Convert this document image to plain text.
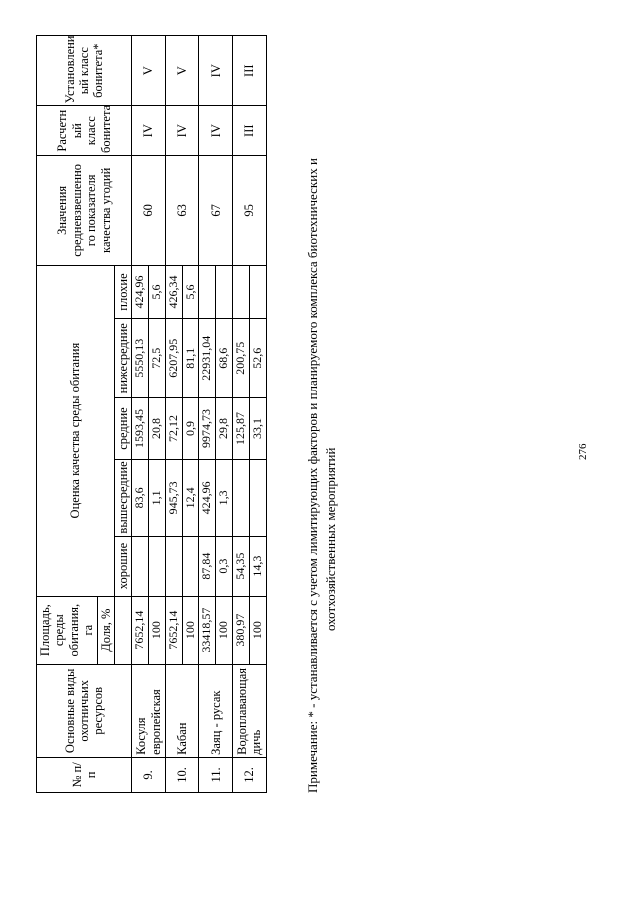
№ п/п	Основные виды охотничьих ресурсов	Площадь, среды обитания, га	Оценка качества среды обитания					Значения средневзвешенно го показателя качества угодий	Расчетн ый класс бонитета	Установлени ый класс бонитета*
		Доля, %								
			хорошие	вышесредние	средние	нижесредние	плохие			
9.	Косуля европейская	7652,14		83,6	1593,45	5550,13	424,96	60	IV	V
		100		1,1	20,8	72,5	5,6			
10.	Кабан	7652,14		945,73	72,12	6207,95	426,34	63	IV	V
		100		12,4	0,9	81,1	5,6			
11.	Заяц - русак	33418,57	87,84	424,96	9974,73	22931,04		67	IV	IV
		100	0,3	1,3	29,8	68,6				
12.	Водоплавающая дичь	380,97	54,35		125,87	200,75		95	III	III
		100	14,3		33,1	52,6					Примечание: * - устанавливается с учетом лимитирующих факторов и планируемого комплекса биотехнических и охотхозяйственных мероприятий	276
